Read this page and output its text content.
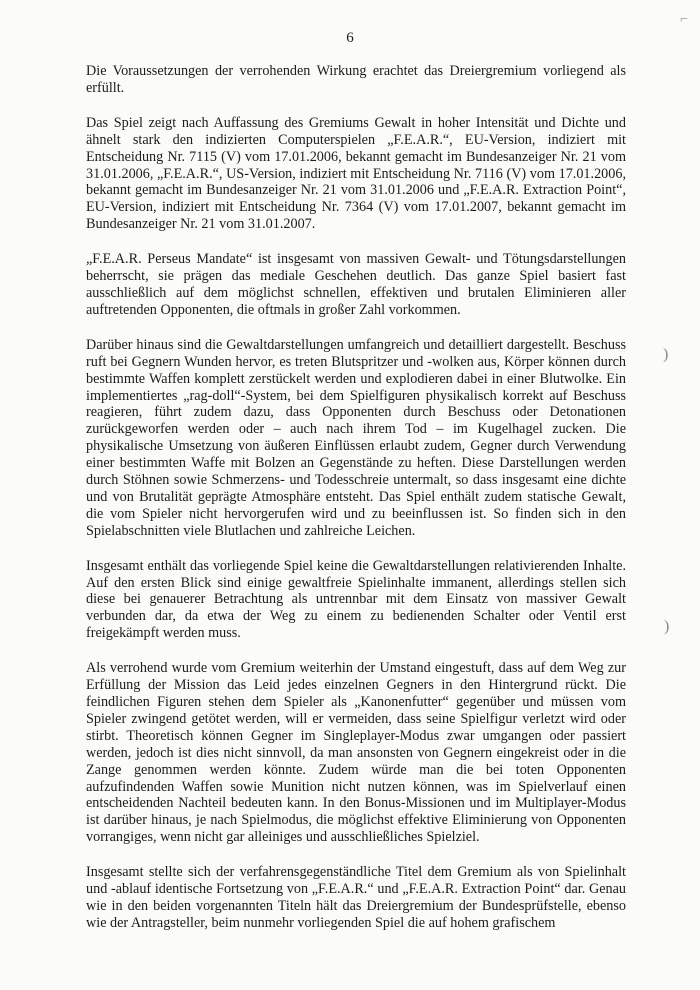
⌐
6

Die Voraussetzungen der verrohenden Wirkung erachtet das Dreiergremium vorliegend als erfüllt.

Das Spiel zeigt nach Auffassung des Gremiums Gewalt in hoher Intensität und Dichte und ähnelt stark den indizierten Computerspielen „F.E.A.R.“, EU-Version, indiziert mit Entscheidung Nr. 7115 (V) vom 17.01.2006, bekannt gemacht im Bundesanzeiger Nr. 21 vom 31.01.2006, „F.E.A.R.“, US-Version, indiziert mit Entscheidung Nr. 7116 (V) vom 17.01.2006, bekannt gemacht im Bundesanzeiger Nr. 21 vom 31.01.2006 und „F.E.A.R. Extraction Point“, EU-Version, indiziert mit Entscheidung Nr. 7364 (V) vom 17.01.2007, bekannt gemacht im Bundesanzeiger Nr. 21 vom 31.01.2007.

„F.E.A.R. Perseus Mandate“ ist insgesamt von massiven Gewalt- und Tötungsdarstellungen beherrscht, sie prägen das mediale Geschehen deutlich. Das ganze Spiel basiert fast ausschließlich auf dem möglichst schnellen, effektiven und brutalen Eliminieren aller auftretenden Opponenten, die oftmals in großer Zahl vorkommen.

Darüber hinaus sind die Gewaltdarstellungen umfangreich und detailliert dargestellt. Beschuss ruft bei Gegnern Wunden hervor, es treten Blutspritzer und -wolken aus, Körper können durch bestimmte Waffen komplett zerstückelt werden und explodieren dabei in einer Blutwolke. Ein implementiertes „rag-doll“-System, bei dem Spielfiguren physikalisch korrekt auf Beschuss reagieren, führt zudem dazu, dass Opponenten durch Beschuss oder Detonationen zurückgeworfen werden oder – auch nach ihrem Tod – im Kugelhagel zucken. Die physikalische Umsetzung von äußeren Einflüssen erlaubt zudem, Gegner durch Verwendung einer bestimmten Waffe mit Bolzen an Gegenstände zu heften. Diese Darstellungen werden durch Stöhnen sowie Schmerzens- und Todesschreie untermalt, so dass insgesamt eine dichte und von Brutalität geprägte Atmosphäre entsteht. Das Spiel enthält zudem statische Gewalt, die vom Spieler nicht hervorgerufen wird und zu beeinflussen ist. So finden sich in den Spielabschnitten viele Blutlachen und zahlreiche Leichen.

Insgesamt enthält das vorliegende Spiel keine die Gewaltdarstellungen relativierenden Inhalte. Auf den ersten Blick sind einige gewaltfreie Spielinhalte immanent, allerdings stellen sich diese bei genauerer Betrachtung als untrennbar mit dem Einsatz von massiver Gewalt verbunden dar, da etwa der Weg zu einem zu bedienenden Schalter oder Ventil erst freigekämpft werden muss.

Als verrohend wurde vom Gremium weiterhin der Umstand eingestuft, dass auf dem Weg zur Erfüllung der Mission das Leid jedes einzelnen Gegners in den Hintergrund rückt. Die feindlichen Figuren stehen dem Spieler als „Kanonenfutter“ gegenüber und müssen vom Spieler zwingend getötet werden, will er vermeiden, dass seine Spielfigur verletzt wird oder stirbt. Theoretisch können Gegner im Singleplayer-Modus zwar umgangen oder passiert werden, jedoch ist dies nicht sinnvoll, da man ansonsten von Gegnern eingekreist oder in die Zange genommen werden könnte. Zudem würde man die bei toten Opponenten aufzufindenden Waffen sowie Munition nicht nutzen können, was im Spielverlauf einen entscheidenden Nachteil bedeuten kann. In den Bonus-Missionen und im Multiplayer-Modus ist darüber hinaus, je nach Spielmodus, die möglichst effektive Eliminierung von Opponenten vorrangiges, wenn nicht gar alleiniges und ausschließliches Spielziel.

Insgesamt stellte sich der verfahrensgegenständliche Titel dem Gremium als von Spielinhalt und -ablauf identische Fortsetzung von „F.E.A.R.“ und „F.E.A.R. Extraction Point“ dar. Genau wie in den beiden vorgenannten Titeln hält das Dreiergremium der Bundesprüfstelle, ebenso wie der Antragsteller, beim nunmehr vorliegenden Spiel die auf hohem grafischem

)
)
